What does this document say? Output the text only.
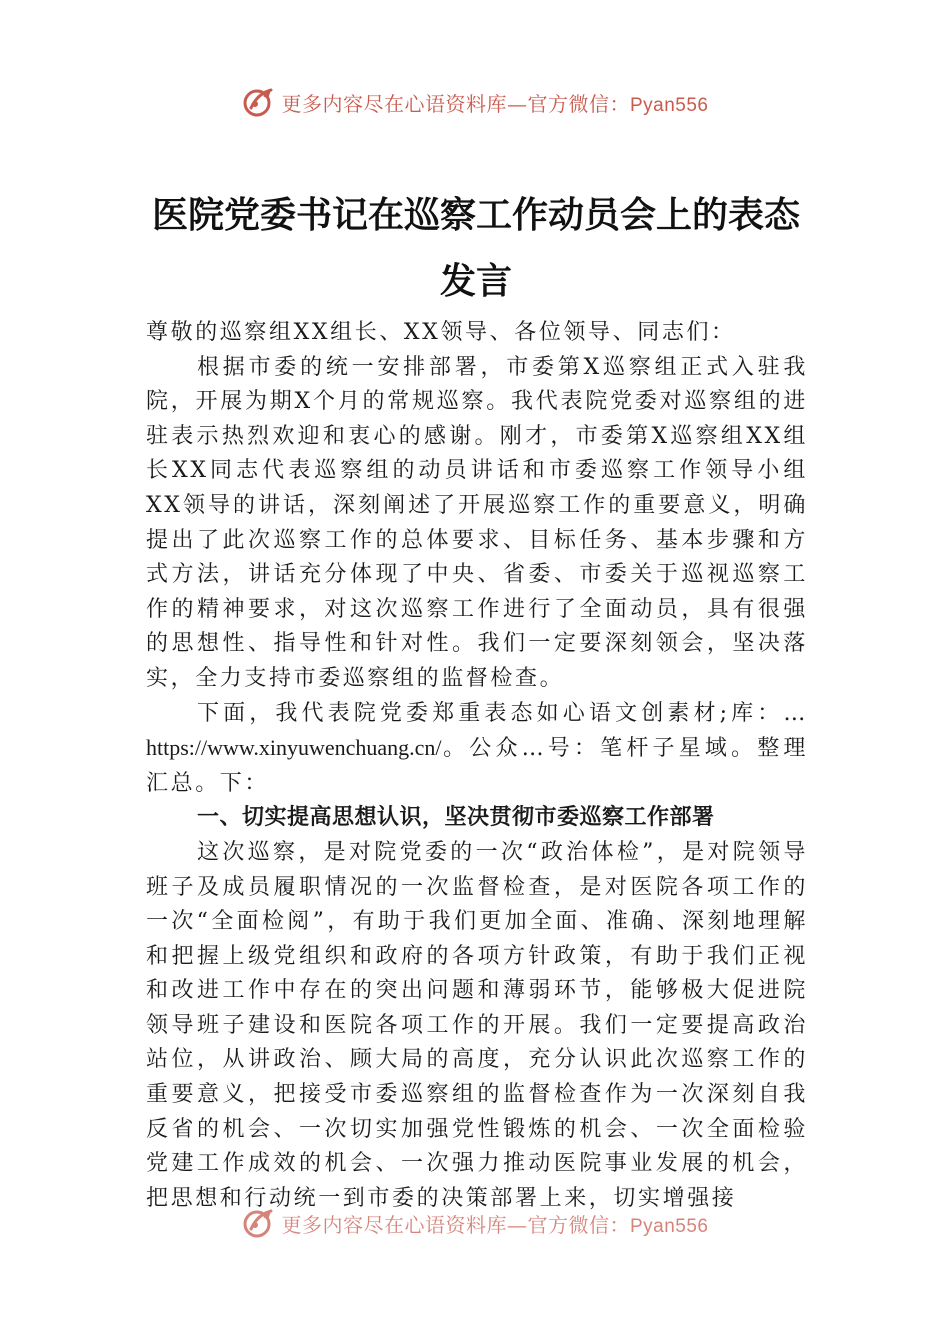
更多内容尽在心语资料库—官方微信：Pyan556
医院党委书记在巡察工作动员会上的表态
发言

尊敬的巡察组XX组长、XX领导、各位领导、同志们：

根据市委的统一安排部署，市委第X巡察组正式入驻我院，开展为期X个月的常规巡察。我代表院党委对巡察组的进驻表示热烈欢迎和衷心的感谢。刚才，市委第X巡察组XX组长XX同志代表巡察组的动员讲话和市委巡察工作领导小组XX领导的讲话，深刻阐述了开展巡察工作的重要意义，明确提出了此次巡察工作的总体要求、目标任务、基本步骤和方式方法，讲话充分体现了中央、省委、市委关于巡视巡察工作的精神要求，对这次巡察工作进行了全面动员，具有很强的思想性、指导性和针对性。我们一定要深刻领会，坚决落实，全力支持市委巡察组的监督检查。

下面，我代表院党委郑重表态如心语文创素材;库：…https://www.xinyuwenchuang.cn/。公众…号：笔杆子星域。整理汇总。下：

一、切实提高思想认识，坚决贯彻市委巡察工作部署

这次巡察，是对院党委的一次“政治体检”，是对院领导班子及成员履职情况的一次监督检查，是对医院各项工作的一次“全面检阅”，有助于我们更加全面、准确、深刻地理解和把握上级党组织和政府的各项方针政策，有助于我们正视和改进工作中存在的突出问题和薄弱环节，能够极大促进院领导班子建设和医院各项工作的开展。我们一定要提高政治站位，从讲政治、顾大局的高度，充分认识此次巡察工作的重要意义，把接受市委巡察组的监督检查作为一次深刻自我反省的机会、一次切实加强党性锻炼的机会、一次全面检验党建工作成效的机会、一次强力推动医院事业发展的机会，把思想和行动统一到市委的决策部署上来，切实增强接

更多内容尽在心语资料库—官方微信：Pyan556
